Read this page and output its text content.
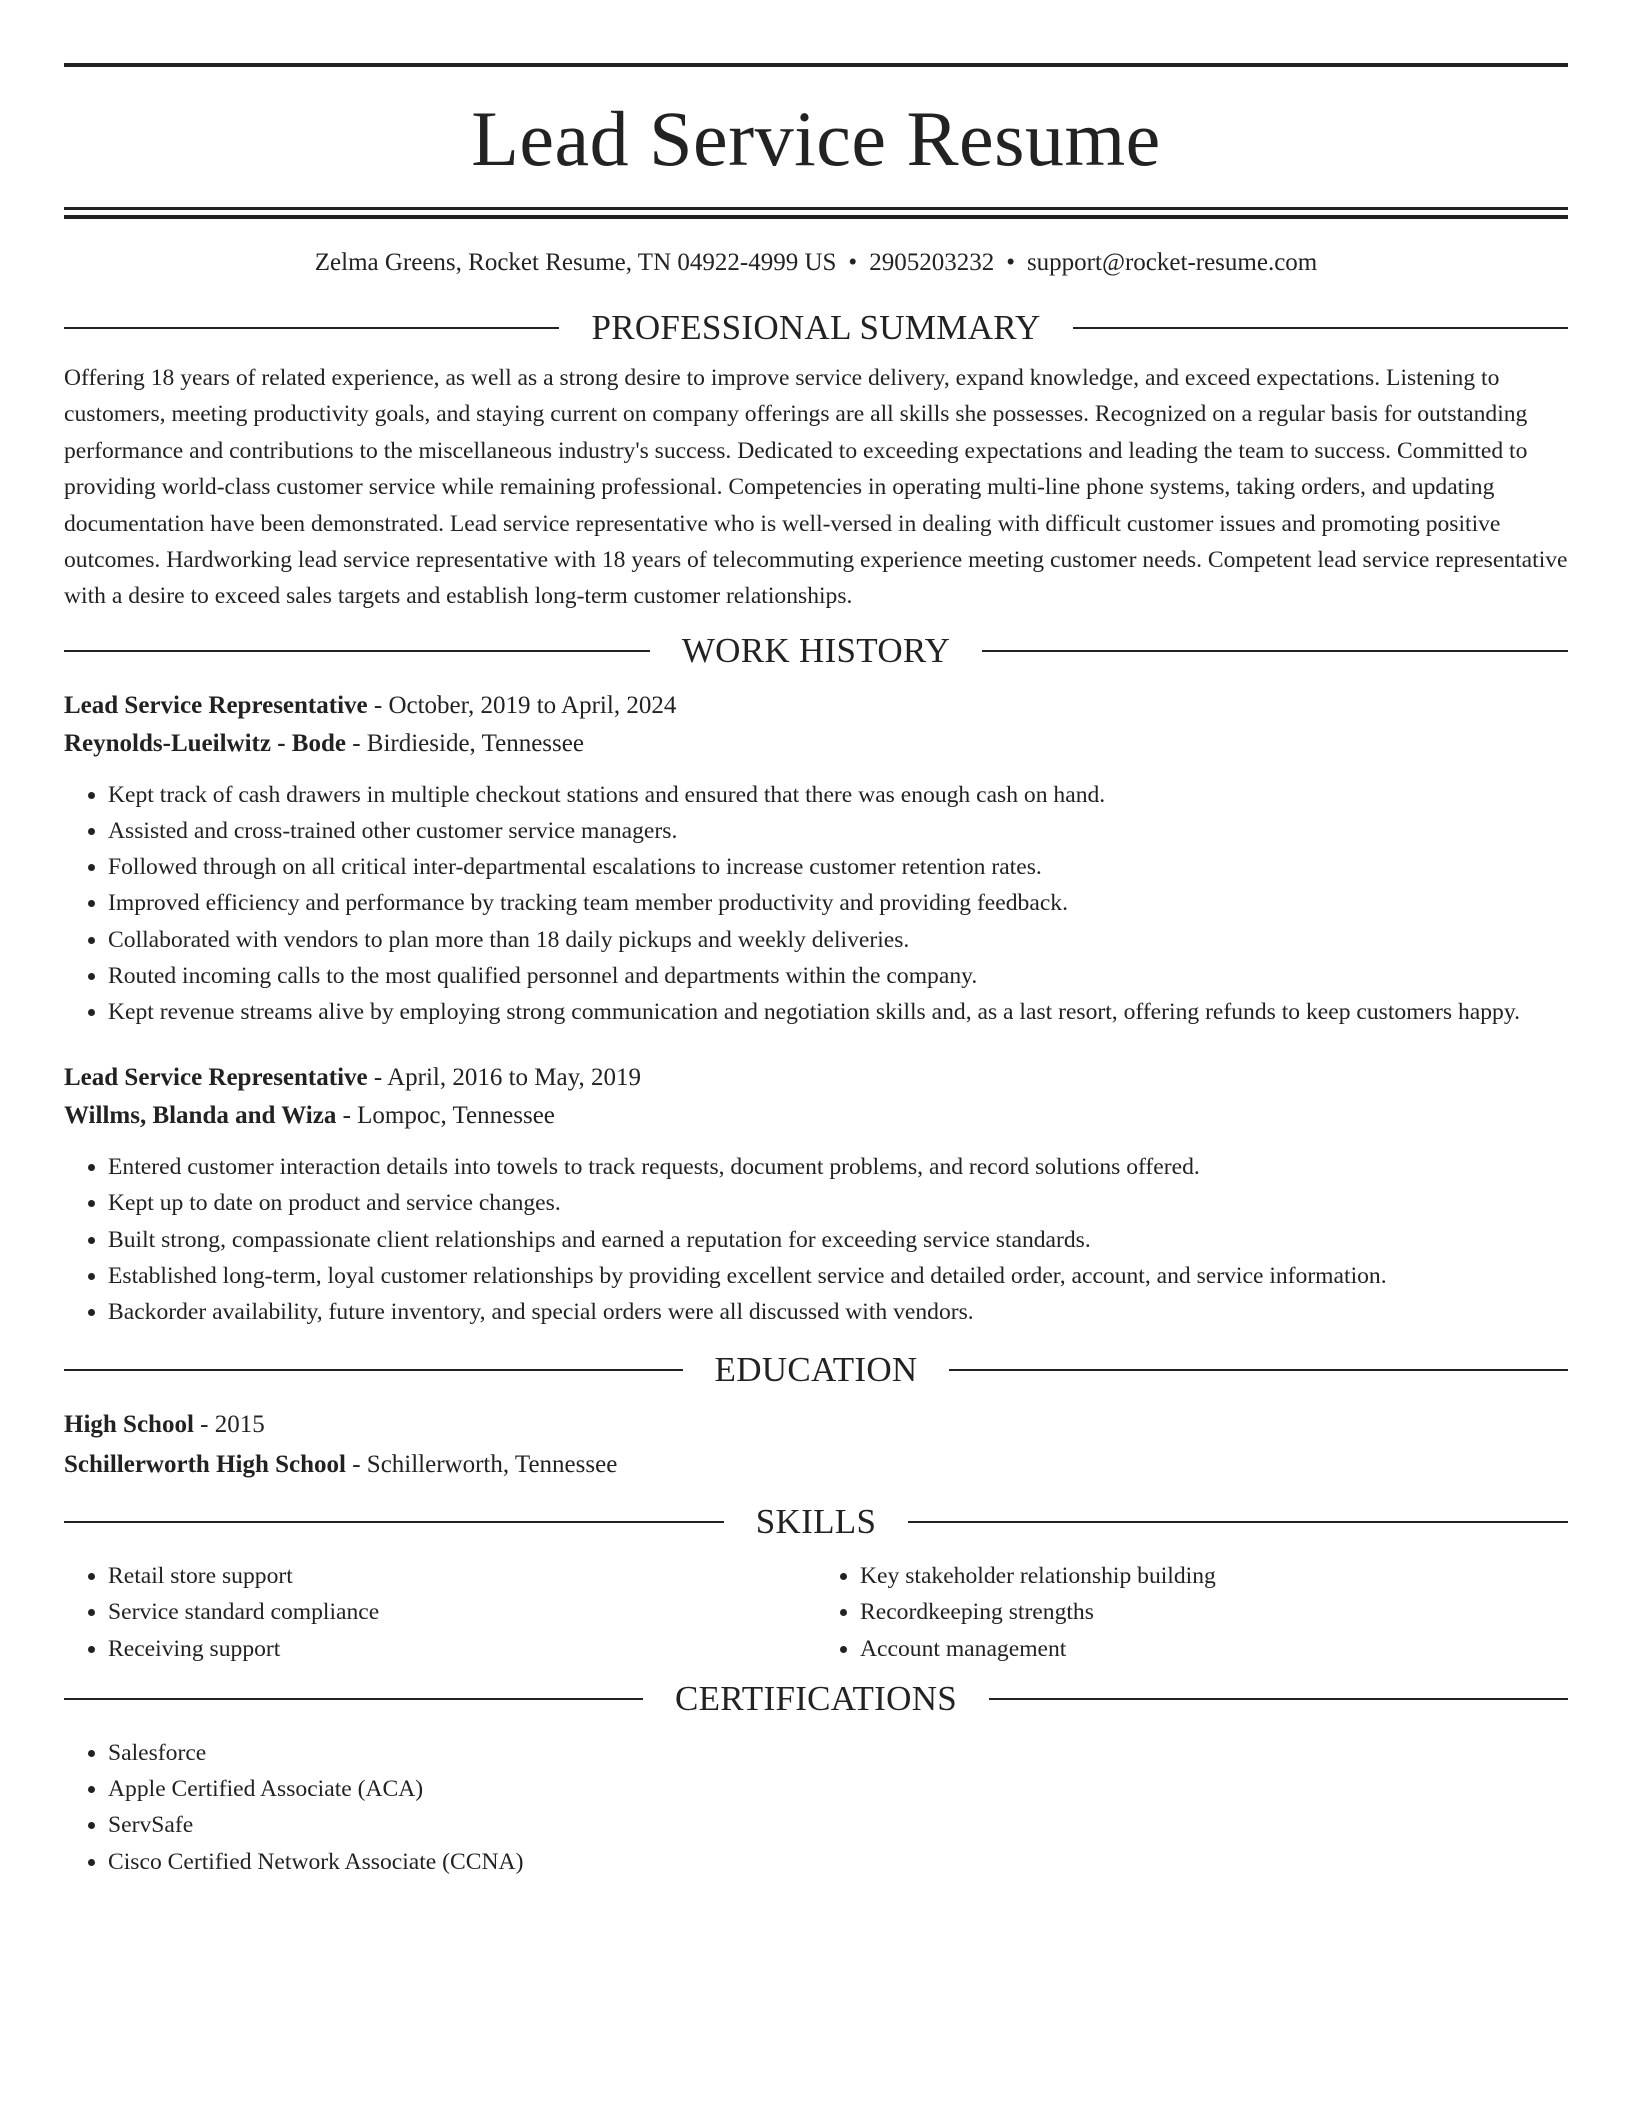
Lead Service Resume
Zelma Greens, Rocket Resume, TN 04922-4999 US • 2905203232 • support@rocket-resume.com
PROFESSIONAL SUMMARY

Offering 18 years of related experience, as well as a strong desire to improve service delivery, expand knowledge, and exceed expectations. Listening to customers, meeting productivity goals, and staying current on company offerings are all skills she possesses. Recognized on a regular basis for outstanding performance and contributions to the miscellaneous industry's success. Dedicated to exceeding expectations and leading the team to success. Committed to providing world-class customer service while remaining professional. Competencies in operating multi-line phone systems, taking orders, and updating documentation have been demonstrated. Lead service representative who is well-versed in dealing with difficult customer issues and promoting positive outcomes. Hardworking lead service representative with 18 years of telecommuting experience meeting customer needs. Competent lead service representative with a desire to exceed sales targets and establish long-term customer relationships.

WORK HISTORY
Lead Service Representative - October, 2019 to April, 2024
Reynolds-Lueilwitz - Bode - Birdieside, Tennessee
• Kept track of cash drawers in multiple checkout stations and ensured that there was enough cash on hand.
• Assisted and cross-trained other customer service managers.
• Followed through on all critical inter-departmental escalations to increase customer retention rates.
• Improved efficiency and performance by tracking team member productivity and providing feedback.
• Collaborated with vendors to plan more than 18 daily pickups and weekly deliveries.
• Routed incoming calls to the most qualified personnel and departments within the company.
• Kept revenue streams alive by employing strong communication and negotiation skills and, as a last resort, offering refunds to keep customers happy.
Lead Service Representative - April, 2016 to May, 2019
Willms, Blanda and Wiza - Lompoc, Tennessee
• Entered customer interaction details into towels to track requests, document problems, and record solutions offered.
• Kept up to date on product and service changes.
• Built strong, compassionate client relationships and earned a reputation for exceeding service standards.
• Established long-term, loyal customer relationships by providing excellent service and detailed order, account, and service information.
• Backorder availability, future inventory, and special orders were all discussed with vendors.
EDUCATION
High School - 2015
Schillerworth High School - Schillerworth, Tennessee
SKILLS
• Retail store support
• Service standard compliance
• Receiving support
• Key stakeholder relationship building
• Recordkeeping strengths
• Account management
CERTIFICATIONS
• Salesforce
• Apple Certified Associate (ACA)
• ServSafe
• Cisco Certified Network Associate (CCNA)
